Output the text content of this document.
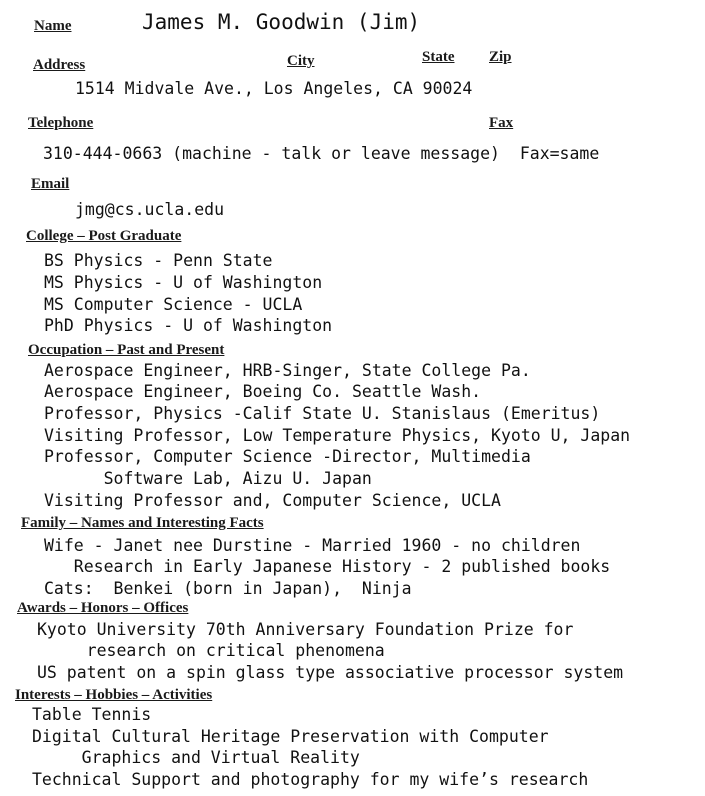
Name	James M. Goodwin (Jim)
Address	City	State Zip
1514 Midvale Ave., Los Angeles, CA 90024
Telephone	Fax
310-444-0663 (machine - talk or leave message)  Fax=same
Email
jmg@cs.ucla.edu
College – Post Graduate
BS Physics - Penn State
MS Physics - U of Washington
MS Computer Science - UCLA
PhD Physics - U of Washington
Occupation – Past and Present
Aerospace Engineer, HRB-Singer, State College Pa.
Aerospace Engineer, Boeing Co. Seattle Wash.
Professor, Physics -Calif State U. Stanislaus (Emeritus)
Visiting Professor, Low Temperature Physics, Kyoto U, Japan
Professor, Computer Science -Director, Multimedia
Software Lab, Aizu U. Japan
Visiting Professor and, Computer Science, UCLA
Family – Names and Interesting Facts
Wife - Janet nee Durstine - Married 1960 - no children
Research in Early Japanese History - 2 published books
Cats:  Benkei (born in Japan),  Ninja
Awards – Honors – Offices
Kyoto University 70th Anniversary Foundation Prize for
research on critical phenomena
US patent on a spin glass type associative processor system
Interests – Hobbies – Activities
Table Tennis
Digital Cultural Heritage Preservation with Computer
Graphics and Virtual Reality
Technical Support and photography for my wife’s research
